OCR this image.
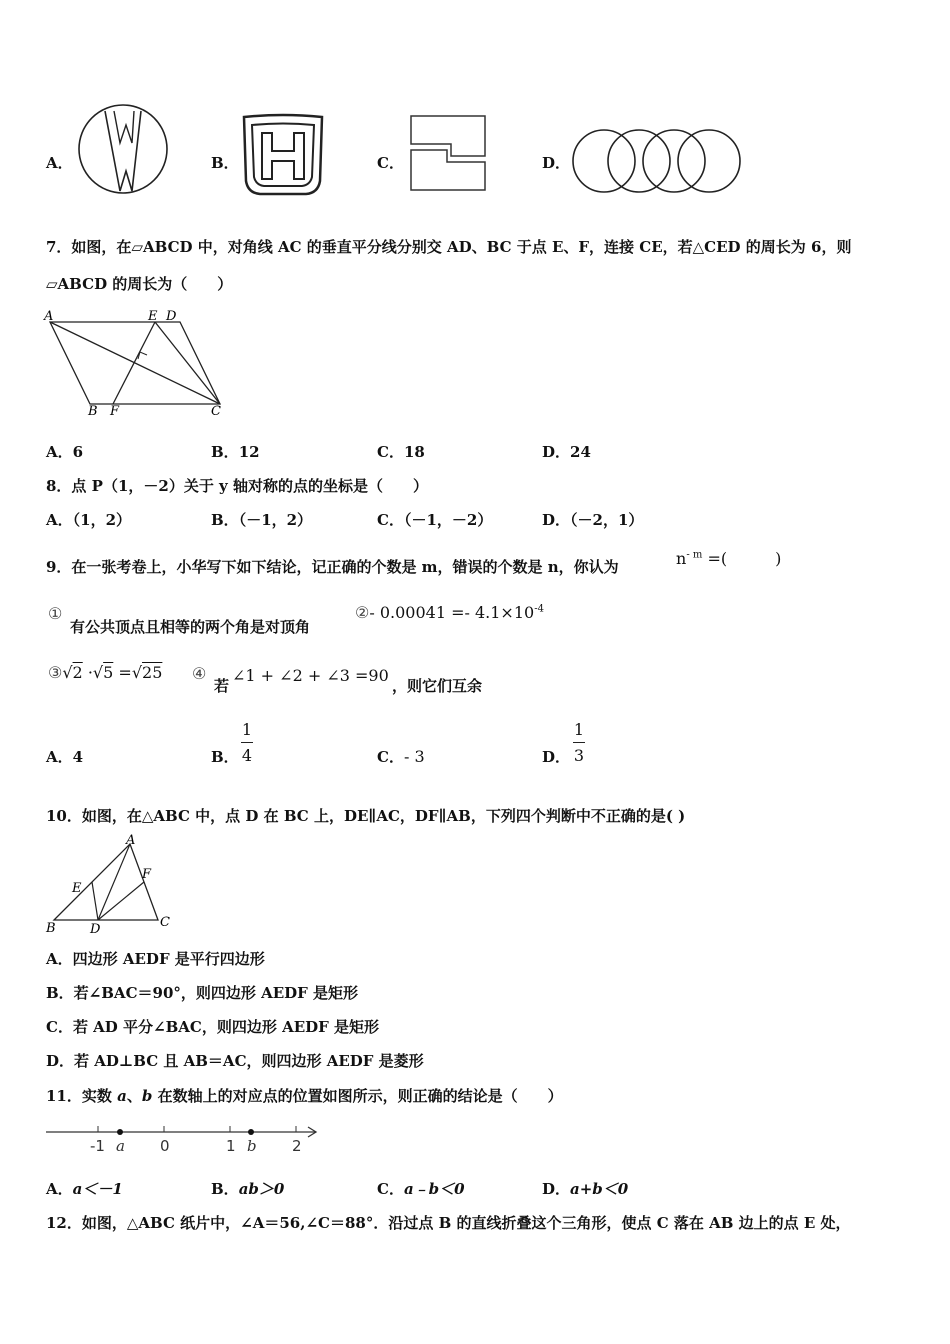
A．	B．	C．	D．
7．如图，在▱ABCD 中，对角线 AC 的垂直平分线分别交 AD、BC 于点 E、F，连接 CE，若△CED 的周长为 6，则
▱ABCD 的周长为（　　）
A	E D
B F	C
A．6	B．12	C．18	D．24
8．点 P（1，－2）关于 y 轴对称的点的坐标是（　　）
A．（1，2）	B．（－1，2）	C．（－1，－2）	D．（－2，1）
9．在一张考卷上，小华写下如下结论，记正确的个数是 m，错误的个数是 n，你认为	$n^{- m}$ =(　　　)
①
有公共顶点且相等的两个角是对顶角
②- $0.00041 =- 4.1\times 10^{-4}$
③√2 ·√5 =√25 ④
若
∠1 + ∠2 + ∠3 =90
，则它们互余
A．4	B．
1
4	C．- 3	D．
1
3
10．如图，在△ABC 中，点 D 在 BC 上，DE∥AC，DF∥AB，下列四个判断中不正确的是( )
A
E
F
B	D	C
A．四边形 AEDF 是平行四边形
B．若∠BAC＝90°，则四边形 AEDF 是矩形
C．若 AD 平分∠BAC，则四边形 AEDF 是矩形
D．若 AD⊥BC 且 AB＝AC，则四边形 AEDF 是菱形
11．实数 a、b 在数轴上的对应点的位置如图所示，则正确的结论是（　　）
-1	0	1	2
a	b
A．a＜－1	B．ab＞0	C．a﹣b＜0	D．a+b＜0
12．如图，△ABC 纸片中，∠A＝56,∠C＝88°．沿过点 B 的直线折叠这个三角形，使点 C 落在 AB 边上的点 E 处，
